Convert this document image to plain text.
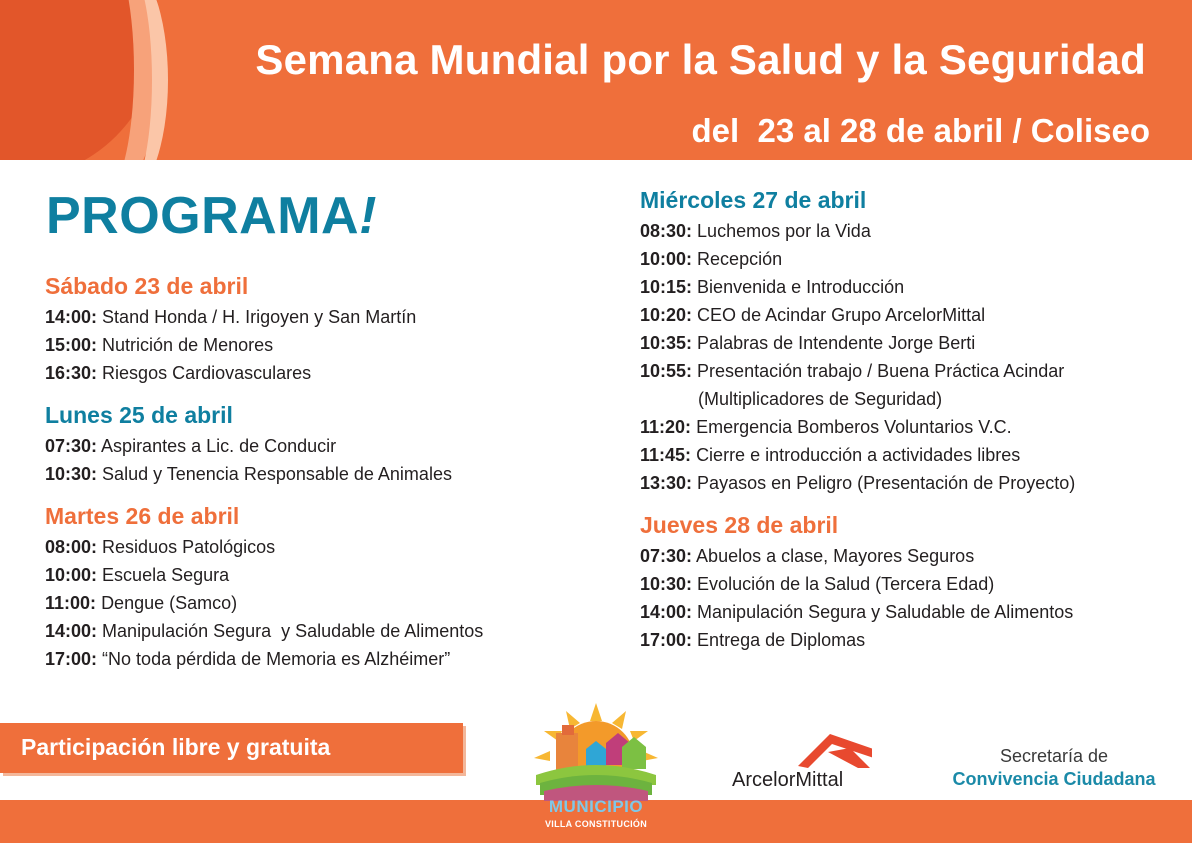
Semana Mundial por la Salud y la Seguridad

del  23 al 28 de abril / Coliseo

PROGRAMA!
Sábado 23 de abril

14:00: Stand Honda / H. Irigoyen y San Martín

15:00: Nutrición de Menores

16:30: Riesgos Cardiovasculares

Lunes 25 de abril

07:30: Aspirantes a Lic. de Conducir

10:30: Salud y Tenencia Responsable de Animales

Martes 26 de abril

08:00: Residuos Patológicos

10:00: Escuela Segura

11:00: Dengue (Samco)

14:00: Manipulación Segura  y Saludable de Alimentos

17:00: “No toda pérdida de Memoria es Alzhéimer”

Miércoles 27 de abril

08:30: Luchemos por la Vida

10:00: Recepción

10:15: Bienvenida e Introducción

10:20: CEO de Acindar Grupo ArcelorMittal

10:35: Palabras de Intendente Jorge Berti

10:55: Presentación trabajo / Buena Práctica Acindar
(Multiplicadores de Seguridad)

11:20: Emergencia Bomberos Voluntarios V.C.

11:45: Cierre e introducción a actividades libres

13:30: Payasos en Peligro (Presentación de Proyecto)

Jueves 28 de abril

07:30: Abuelos a clase, Mayores Seguros

10:30: Evolución de la Salud (Tercera Edad)

14:00: Manipulación Segura y Saludable de Alimentos

17:00: Entrega de Diplomas

Participación libre y gratuita

MUNICIPIO
VILLA CONSTITUCIÓN
ArcelorMittal

Secretaría de

Convivencia Ciudadana
